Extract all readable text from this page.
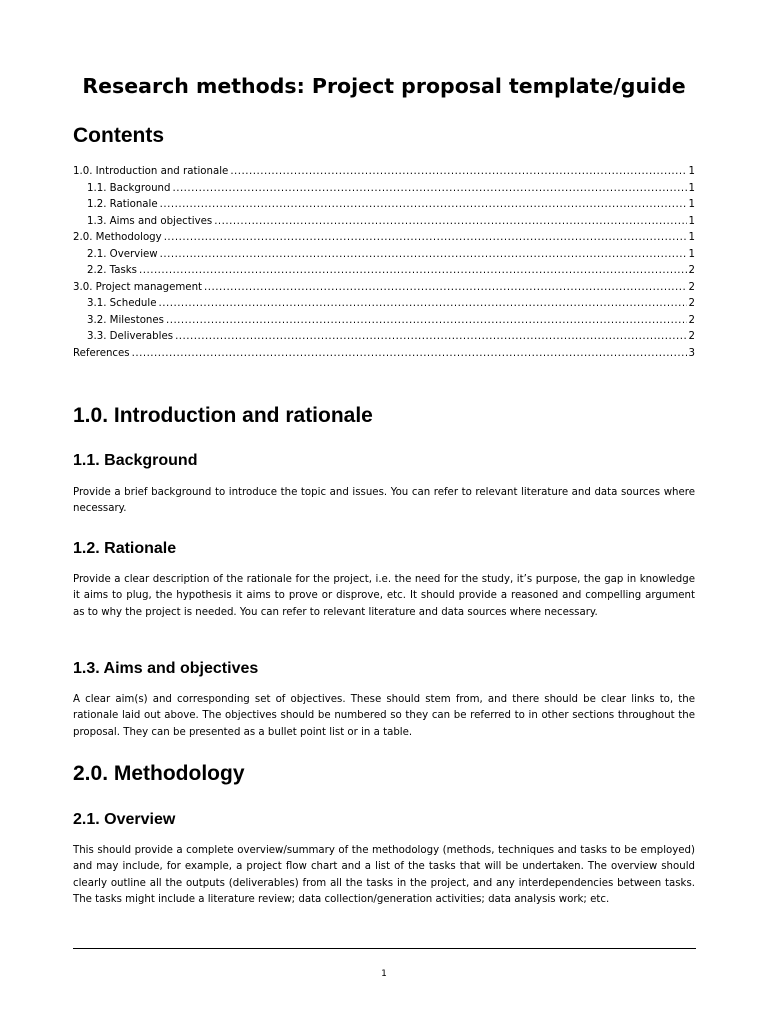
Research methods: Project proposal template/guide
Contents
1.0. Introduction and rationale .....	1
1.1. Background .....	1
1.2. Rationale .....	1
1.3. Aims and objectives .....	1
2.0. Methodology .....	1
2.1. Overview .....	1
2.2. Tasks .....	2
3.0. Project management .....	2
3.1. Schedule .....	2
3.2. Milestones .....	2
3.3. Deliverables .....	2
References .....	3
1.0. Introduction and rationale
1.1. Background

Provide a brief background to introduce the topic and issues. You can refer to relevant literature and data sources where necessary.

1.2. Rationale

Provide a clear description of the rationale for the project, i.e. the need for the study, it’s purpose, the gap in knowledge it aims to plug, the hypothesis it aims to prove or disprove, etc. It should provide a reasoned and compelling argument as to why the project is needed. You can refer to relevant literature and data sources where necessary.

1.3. Aims and objectives

A clear aim(s) and corresponding set of objectives. These should stem from, and there should be clear links to, the rationale laid out above. The objectives should be numbered so they can be referred to in other sections throughout the proposal. They can be presented as a bullet point list or in a table.

2.0. Methodology
2.1. Overview

This should provide a complete overview/summary of the methodology (methods, techniques and tasks to be employed) and may include, for example, a project flow chart and a list of the tasks that will be undertaken. The overview should clearly outline all the outputs (deliverables) from all the tasks in the project, and any interdependencies between tasks. The tasks might include a literature review; data collection/generation activities; data analysis work; etc.

1
